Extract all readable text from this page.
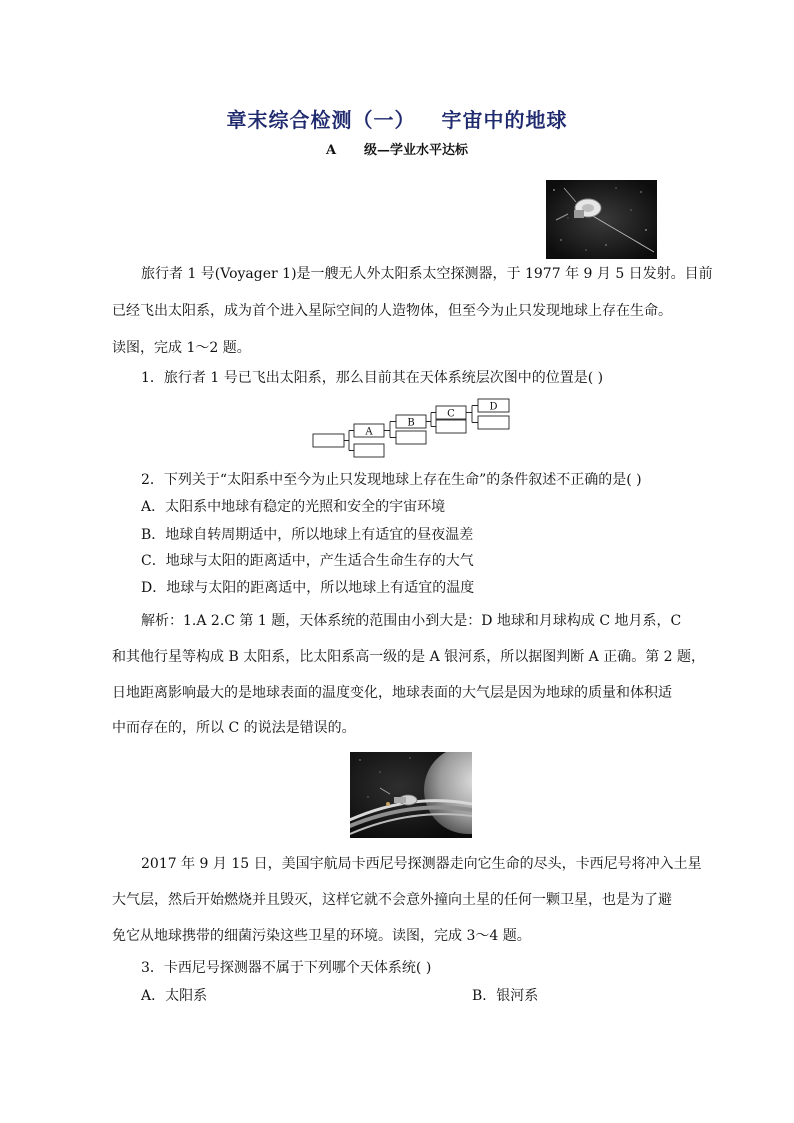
章末综合检测（一） 宇宙中的地球
A 级—学业水平达标
旅行者 1 号(Voyager 1)是一艘无人外太阳系太空探测器，于 1977 年 9 月 5 日发射。目前
已经飞出太阳系，成为首个进入星际空间的人造物体，但至今为止只发现地球上存在生命。
读图，完成 1～2 题。
1．旅行者 1 号已飞出太阳系，那么目前其在天体系统层次图中的位置是( )
A
B
C
D
2．下列关于“太阳系中至今为止只发现地球上存在生命”的条件叙述不正确的是( )
A．太阳系中地球有稳定的光照和安全的宇宙环境
B．地球自转周期适中，所以地球上有适宜的昼夜温差
C．地球与太阳的距离适中，产生适合生命生存的大气
D．地球与太阳的距离适中，所以地球上有适宜的温度
解析：1.A 2.C 第 1 题，天体系统的范围由小到大是：D 地球和月球构成 C 地月系，C
和其他行星等构成 B 太阳系，比太阳系高一级的是 A 银河系，所以据图判断 A 正确。第 2 题，
日地距离影响最大的是地球表面的温度变化，地球表面的大气层是因为地球的质量和体积适
中而存在的，所以 C 的说法是错误的。
2017 年 9 月 15 日，美国宇航局卡西尼号探测器走向它生命的尽头，卡西尼号将冲入土星
大气层，然后开始燃烧并且毁灭，这样它就不会意外撞向土星的任何一颗卫星，也是为了避
免它从地球携带的细菌污染这些卫星的环境。读图，完成 3～4 题。
3．卡西尼号探测器不属于下列哪个天体系统( )
A．太阳系	B．银河系
